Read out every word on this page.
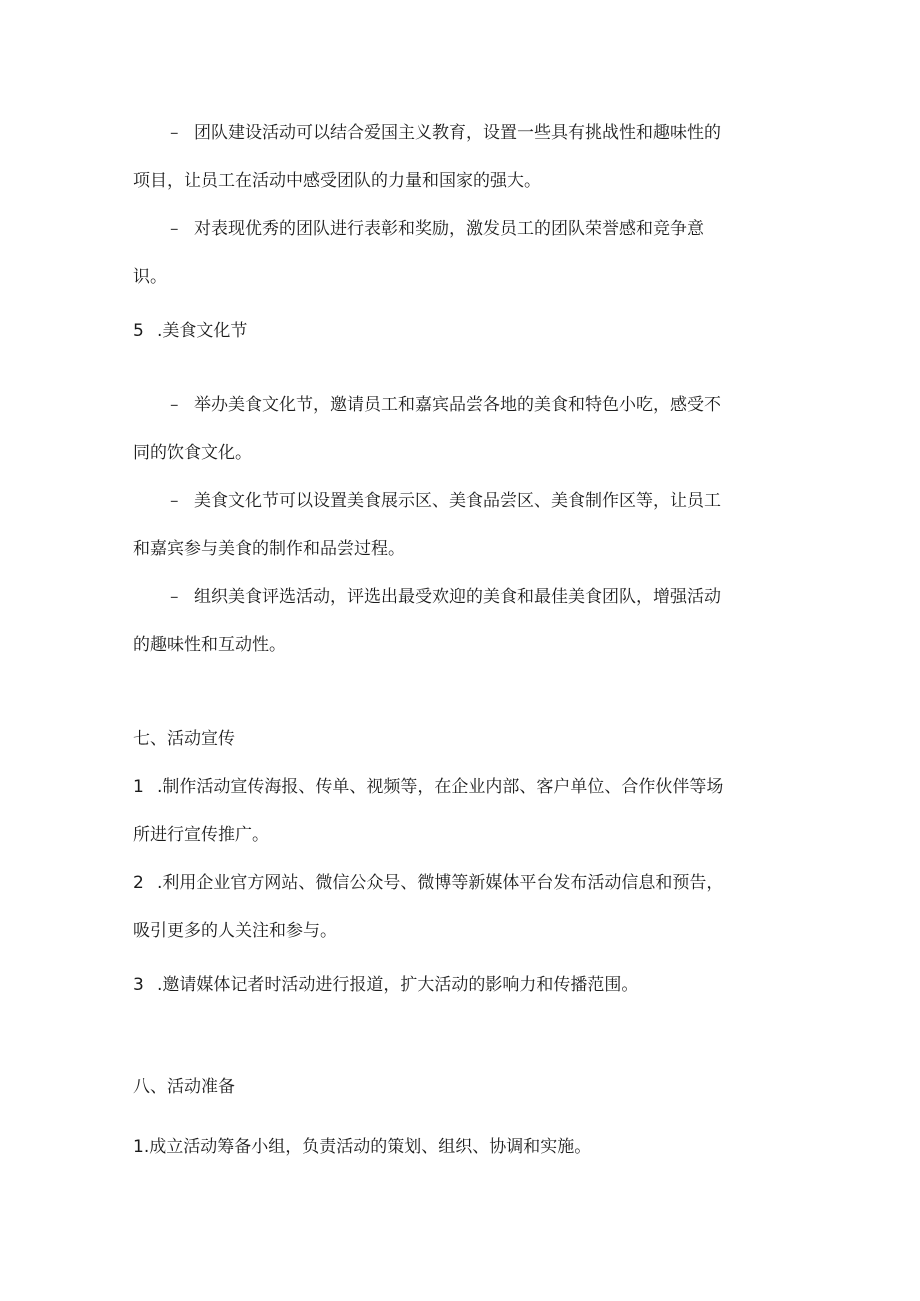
– 团队建设活动可以结合爱国主义教育，设置一些具有挑战性和趣味性的
项目，让员工在活动中感受团队的力量和国家的强大。
– 对表现优秀的团队进行表彰和奖励，激发员工的团队荣誉感和竞争意
识。
5 .美食文化节
– 举办美食文化节，邀请员工和嘉宾品尝各地的美食和特色小吃，感受不
同的饮食文化。
– 美食文化节可以设置美食展示区、美食品尝区、美食制作区等，让员工
和嘉宾参与美食的制作和品尝过程。
– 组织美食评选活动，评选出最受欢迎的美食和最佳美食团队，增强活动
的趣味性和互动性。
七、活动宣传
1 .制作活动宣传海报、传单、视频等，在企业内部、客户单位、合作伙伴等场
所进行宣传推广。
2 .利用企业官方网站、微信公众号、微博等新媒体平台发布活动信息和预告，
吸引更多的人关注和参与。
3 .邀请媒体记者时活动进行报道，扩大活动的影响力和传播范围。
八、活动准备
1.成立活动筹备小组，负责活动的策划、组织、协调和实施。
